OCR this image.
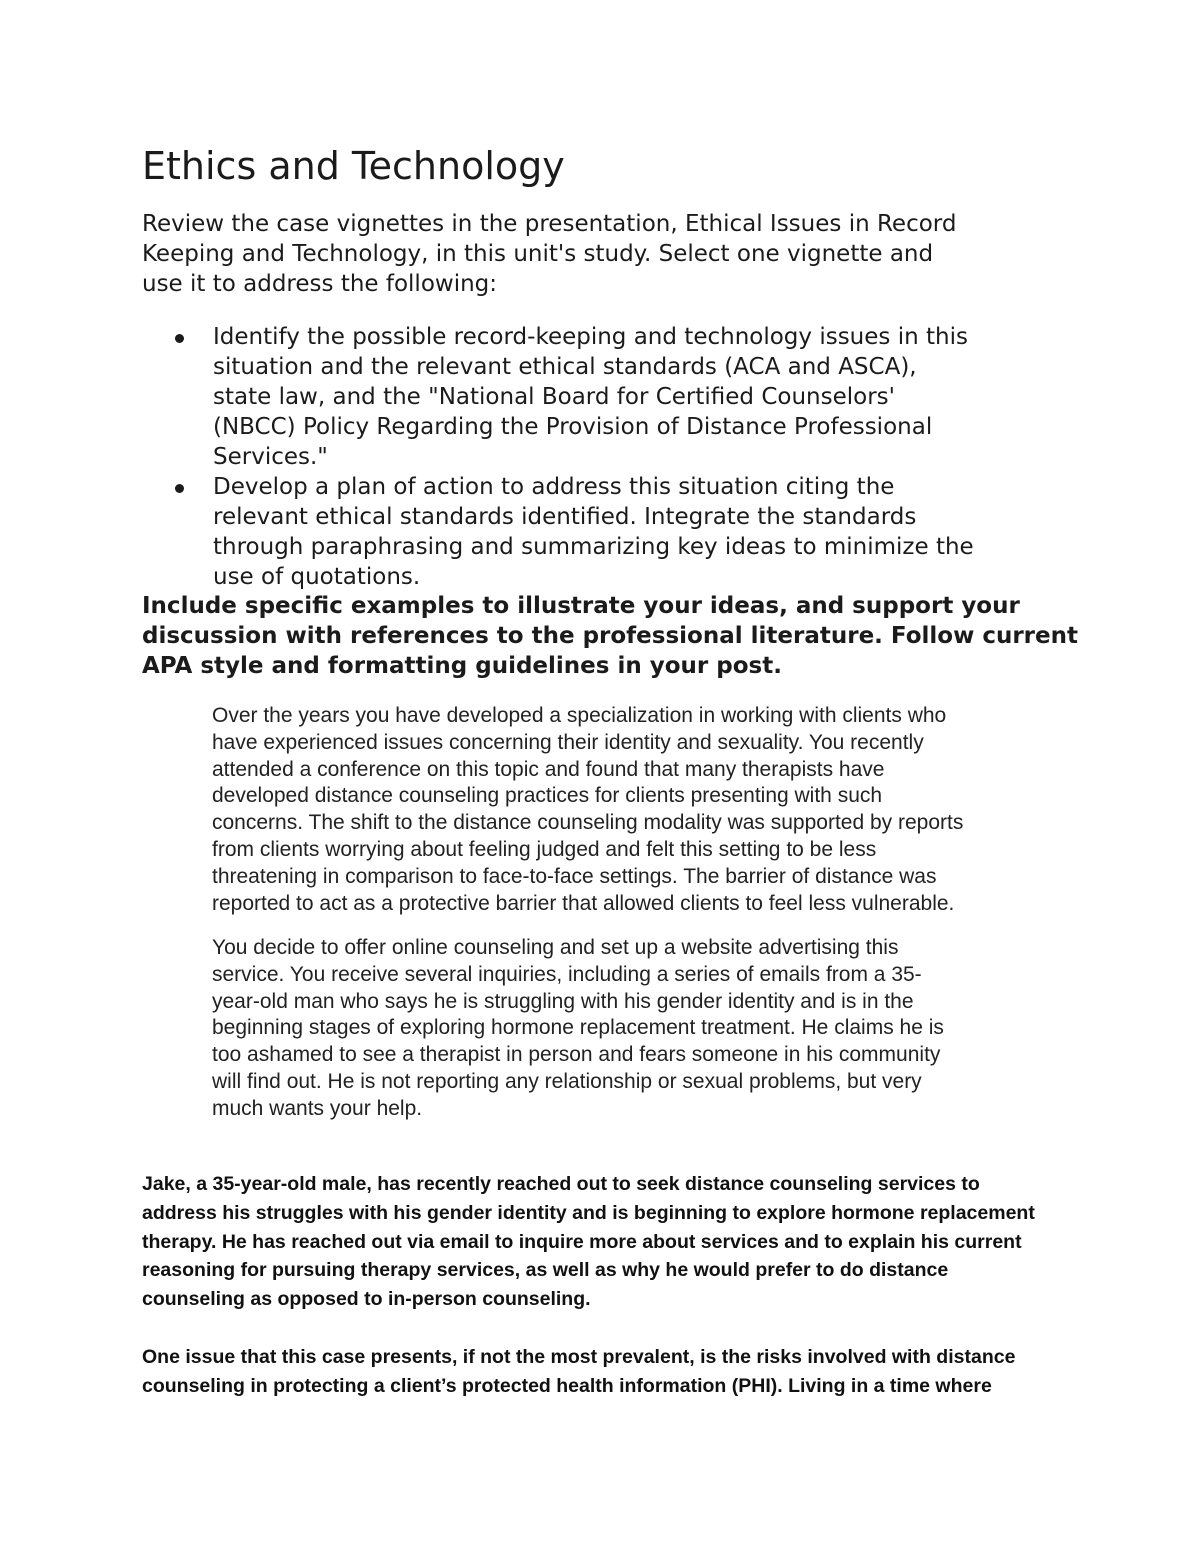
Ethics and Technology

Review the case vignettes in the presentation, Ethical Issues in Record
Keeping and Technology, in this unit's study. Select one vignette and
use it to address the following:

Identify the possible record-keeping and technology issues in this
situation and the relevant ethical standards (ACA and ASCA),
state law, and the "National Board for Certified Counselors'
(NBCC) Policy Regarding the Provision of Distance Professional
Services."
Develop a plan of action to address this situation citing the
relevant ethical standards identified. Integrate the standards
through paraphrasing and summarizing key ideas to minimize the
use of quotations.

Include specific examples to illustrate your ideas, and support your
discussion with references to the professional literature. Follow current
APA style and formatting guidelines in your post.

Over the years you have developed a specialization in working with clients who
have experienced issues concerning their identity and sexuality. You recently
attended a conference on this topic and found that many therapists have
developed distance counseling practices for clients presenting with such
concerns. The shift to the distance counseling modality was supported by reports
from clients worrying about feeling judged and felt this setting to be less
threatening in comparison to face-to-face settings. The barrier of distance was
reported to act as a protective barrier that allowed clients to feel less vulnerable.

You decide to offer online counseling and set up a website advertising this
service. You receive several inquiries, including a series of emails from a 35-
year-old man who says he is struggling with his gender identity and is in the
beginning stages of exploring hormone replacement treatment. He claims he is
too ashamed to see a therapist in person and fears someone in his community
will find out. He is not reporting any relationship or sexual problems, but very
much wants your help.

Jake, a 35-year-old male, has recently reached out to seek distance counseling services to
address his struggles with his gender identity and is beginning to explore hormone replacement
therapy. He has reached out via email to inquire more about services and to explain his current
reasoning for pursuing therapy services, as well as why he would prefer to do distance
counseling as opposed to in-person counseling.

One issue that this case presents, if not the most prevalent, is the risks involved with distance
counseling in protecting a client’s protected health information (PHI). Living in a time where
